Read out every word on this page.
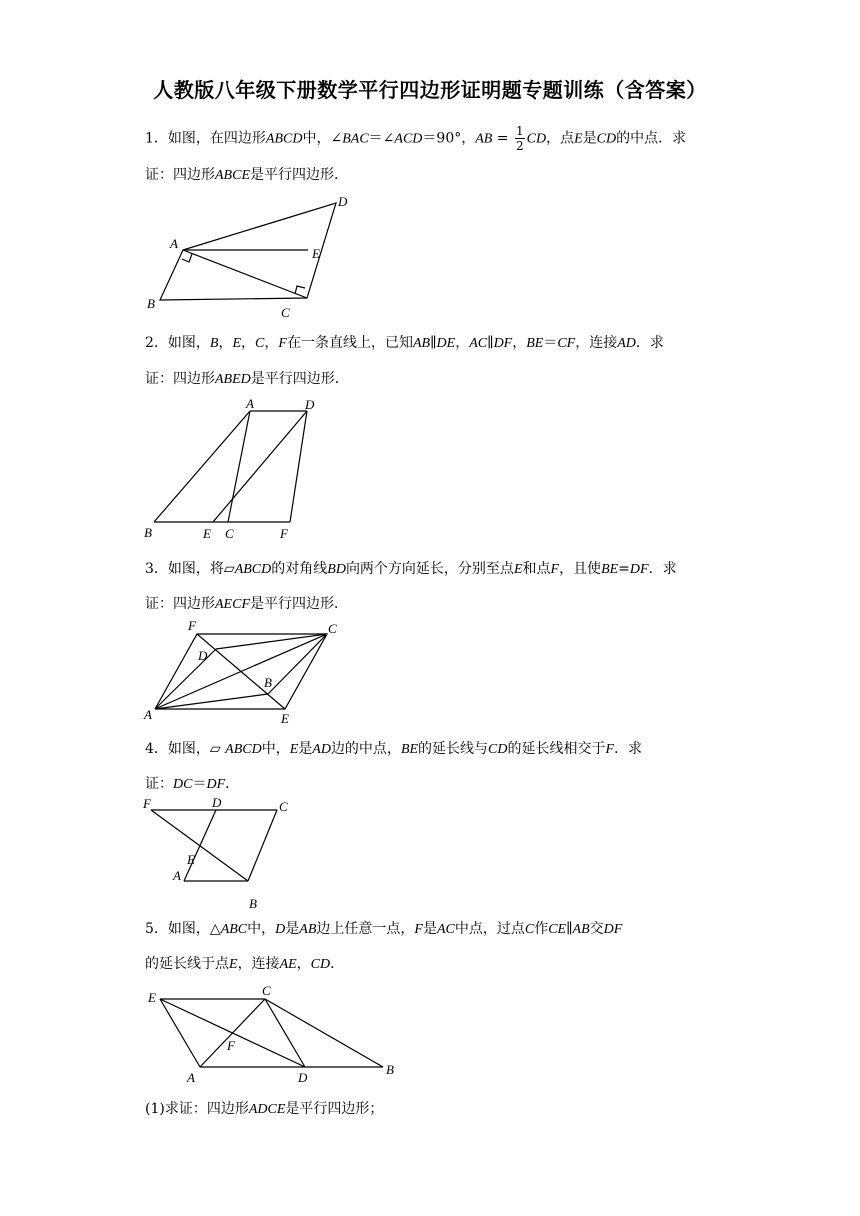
人教版八年级下册数学平行四边形证明题专题训练（含答案）
1．如图，在四边形ABCD中，∠BAC＝∠ACD＝90°，AB = $\frac{1}{2}$ CD，点E是CD的中点．求
证：四边形ABCE是平行四边形．
A
B
C
D
E
2．如图，B，E，C，F在一条直线上，已知AB∥DE，AC∥DF，BE＝CF，连接AD．求
证：四边形ABED是平行四边形．
A	D
B	E C	F
3．如图，将▱ABCD的对角线BD向两个方向延长，分别至点E和点F，且使BE=DF．求
证：四边形AECF是平行四边形．
F	C
D
B
A	E
4．如图，▱ ABCD中，E是AD边的中点，BE的延长线与CD的延长线相交于F．求
证：DC＝DF．
F	D	C
E
A
B
5．如图，△ABC中，D是AB边上任意一点，F是AC中点，过点C作CE∥AB交DF
的延长线于点E，连接AE，CD．
E	C
F
A	D
B
(1)求证：四边形ADCE是平行四边形；
